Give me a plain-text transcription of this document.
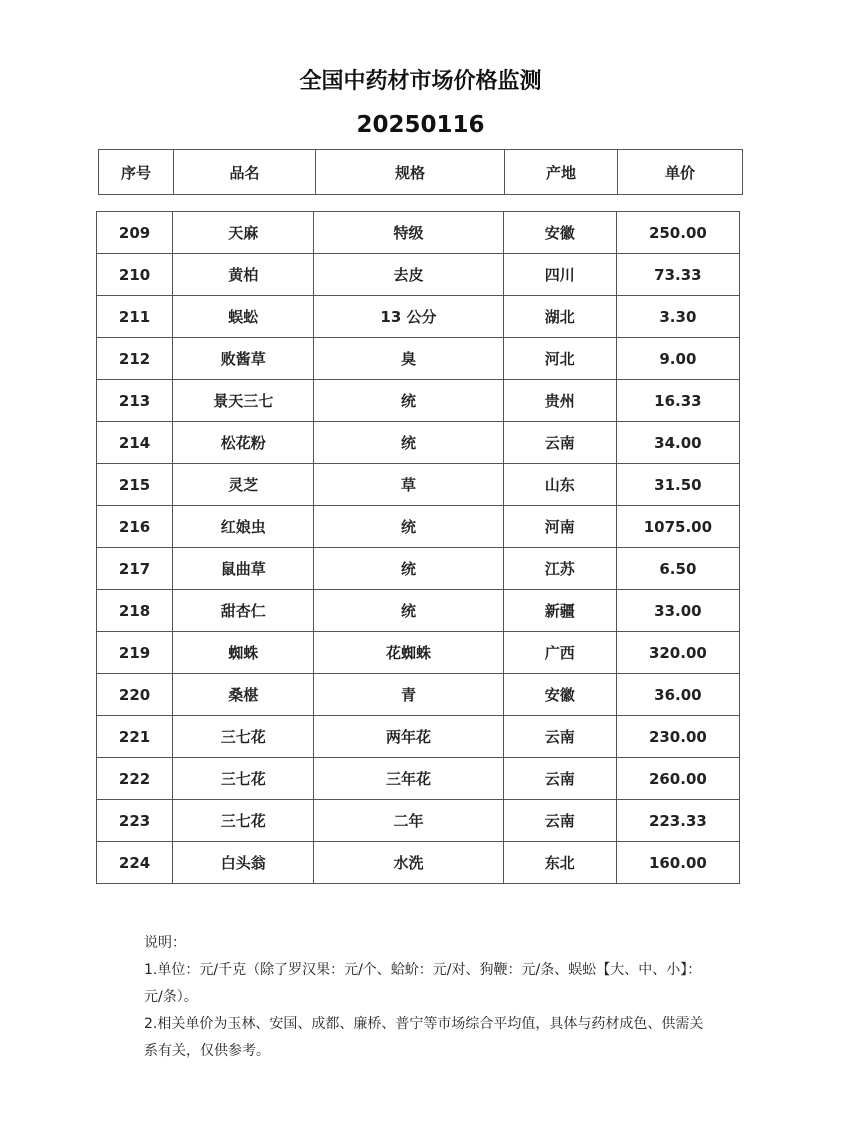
全国中药材市场价格监测
20250116
序号	品名	规格	产地	单价
209	天麻	特级	安徽	250.00
210	黄柏	去皮	四川	73.33
211	蜈蚣	13 公分	湖北	3.30
212	败酱草	臭	河北	9.00
213	景天三七	统	贵州	16.33
214	松花粉	统	云南	34.00
215	灵芝	草	山东	31.50
216	红娘虫	统	河南	1075.00
217	鼠曲草	统	江苏	6.50
218	甜杏仁	统	新疆	33.00
219	蜘蛛	花蜘蛛	广西	320.00
220	桑椹	青	安徽	36.00
221	三七花	两年花	云南	230.00
222	三七花	三年花	云南	260.00
223	三七花	二年	云南	223.33
224	白头翁	水洗	东北	160.00

说明：

1.单位：元/千克（除了罗汉果：元/个、蛤蚧：元/对、狗鞭：元/条、蜈蚣【大、中、小】：元/条）。

2.相关单价为玉林、安国、成都、廉桥、普宁等市场综合平均值，具体与药材成色、供需关系有关，仅供参考。
